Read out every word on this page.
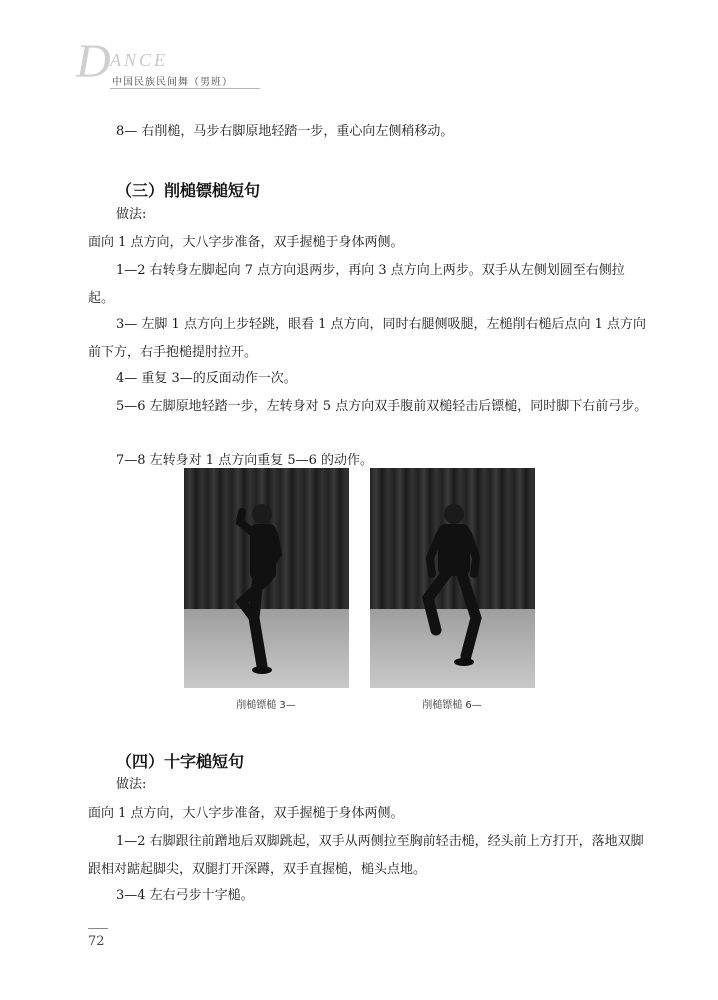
D ANCE
中国民族民间舞（男班）

8— 右削槌，马步右脚原地轻踏一步，重心向左侧稍移动。

（三）削槌镖槌短句

做法:

面向 1 点方向，大八字步准备，双手握槌于身体两侧。

1—2 右转身左脚起向 7 点方向退两步，再向 3 点方向上两步。双手从左侧划圆至右侧拉起。

3— 左脚 1 点方向上步轻跳，眼看 1 点方向，同时右腿侧吸腿，左槌削右槌后点向 1 点方向前下方，右手抱槌提肘拉开。

4— 重复 3—的反面动作一次。

5—6 左脚原地轻踏一步，左转身对 5 点方向双手腹前双槌轻击后镖槌，同时脚下右前弓步。

7—8 左转身对 1 点方向重复 5—6 的动作。

削槌镖槌 3—	削槌镖槌 6—
（四）十字槌短句

做法:

面向 1 点方向，大八字步准备，双手握槌于身体两侧。

1—2 右脚跟往前蹭地后双脚跳起，双手从两侧拉至胸前轻击槌，经头前上方打开，落地双脚跟相对踮起脚尖，双腿打开深蹲，双手直握槌，槌头点地。

3—4 左右弓步十字槌。

72
